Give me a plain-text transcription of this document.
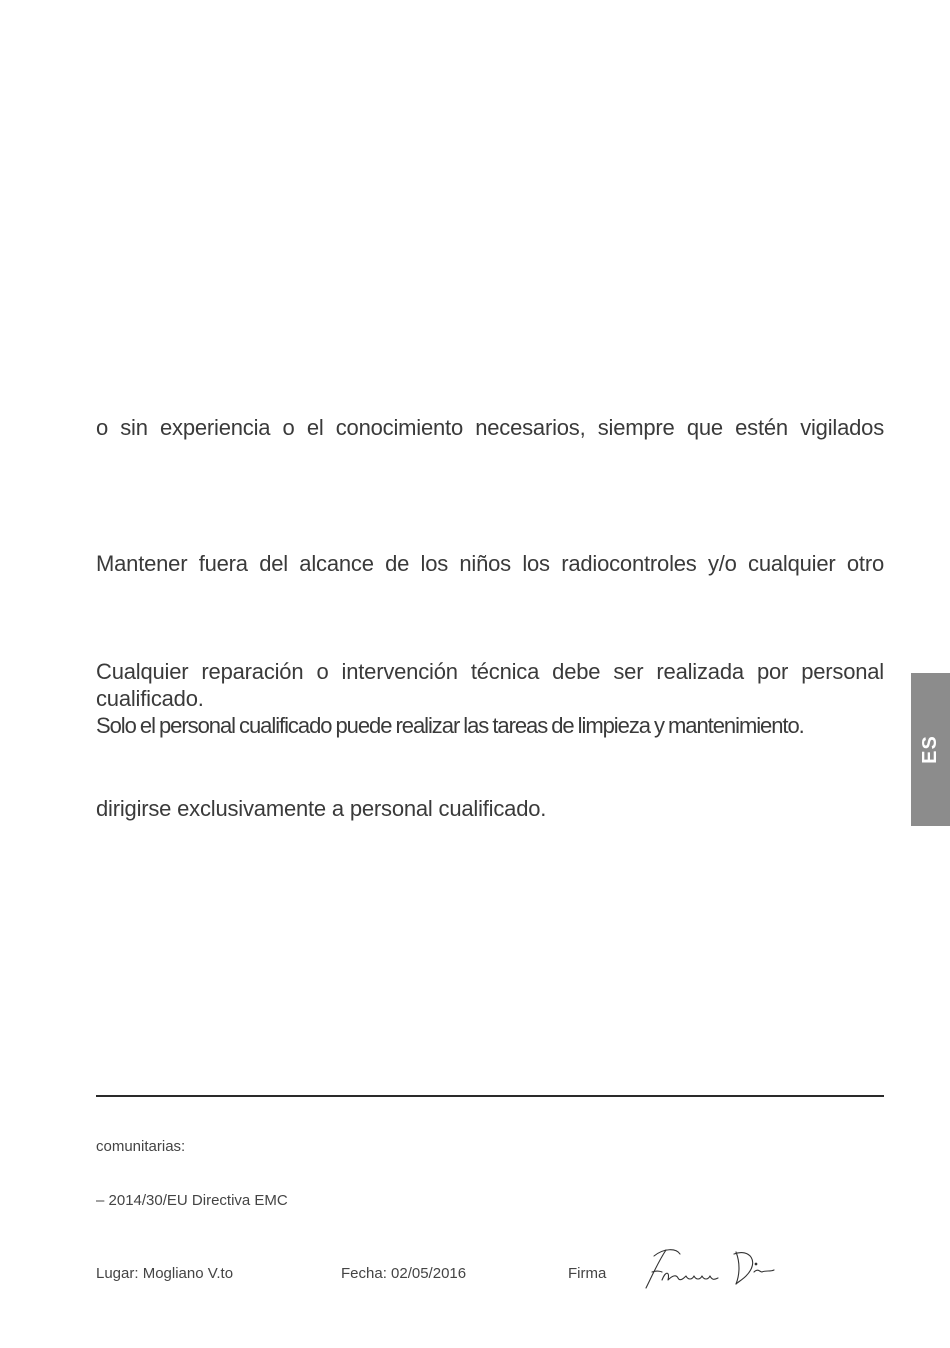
o sin experiencia o el conocimiento necesarios, siempre que estén vigilados
Mantener fuera del alcance de los niños los radiocontroles y/o cualquier otro
Cualquier reparación o intervención técnica debe ser realizada por personal
cualificado.
Solo el personal cualificado puede realizar las tareas de limpieza y mantenimiento.
dirigirse exclusivamente a personal cualificado.
comunitarias:
– 2014/30/EU Directiva EMC
Lugar: Mogliano V.to	Fecha: 02/05/2016	Firma
ES
